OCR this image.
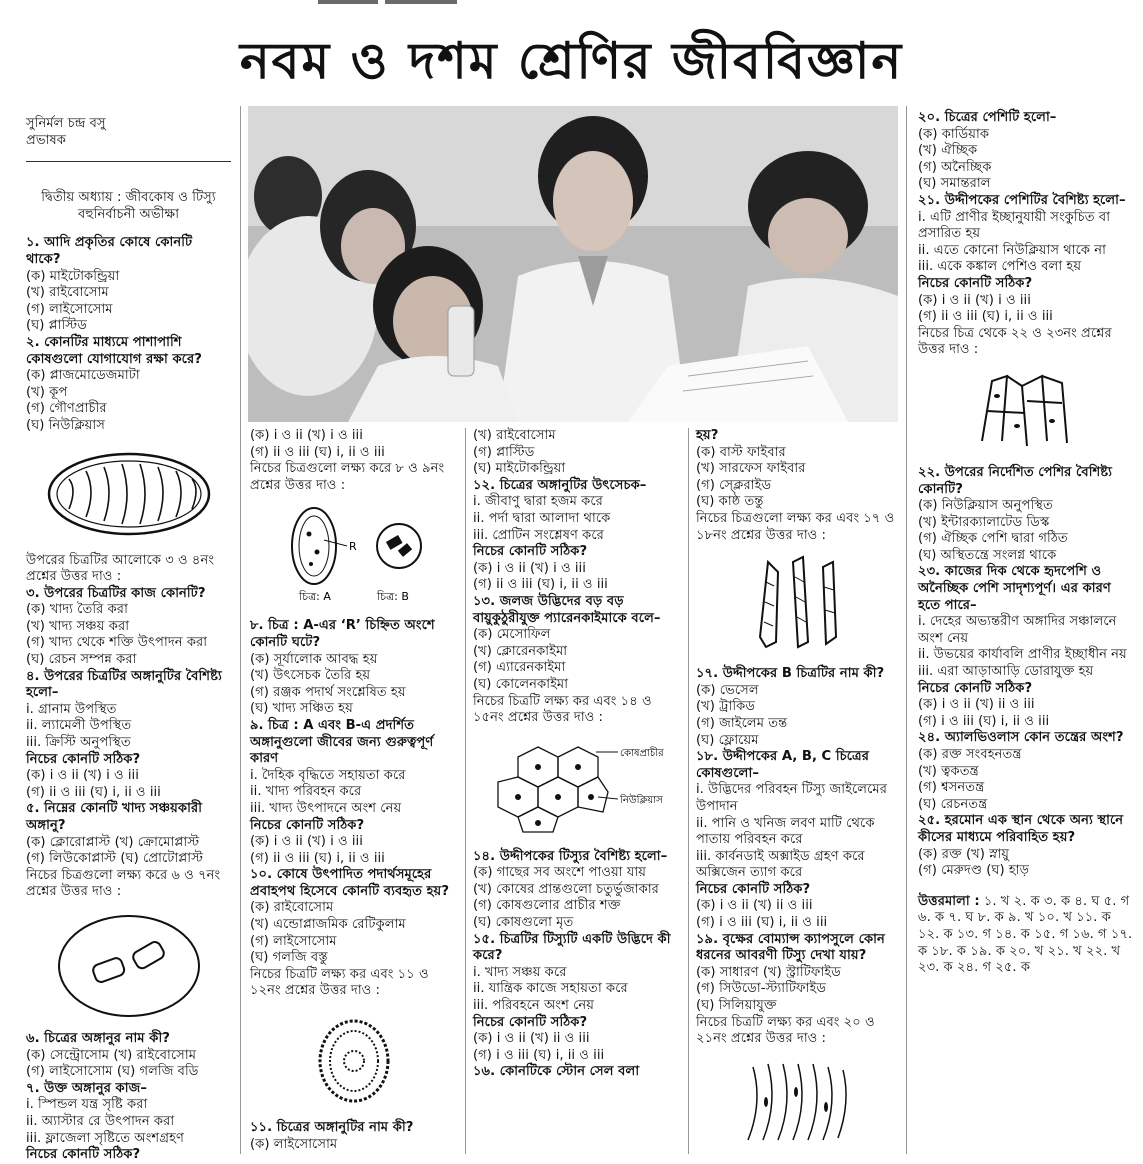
নবম ও দশম শ্রেণির জীববিজ্ঞান

সুনির্মল চন্দ্র বসু

প্রভাষক

দ্বিতীয় অধ্যায় : জীবকোষ ও টিস্যু

বহুনির্বাচনী অভীক্ষা

১. আদি প্রকৃতির কোষে কোনটি থাকে?

(ক) মাইটোকন্ড্রিয়া

(খ) রাইবোসোম

(গ) লাইসোসোম

(ঘ) প্লাস্টিড

২. কোনটির মাধ্যমে পাশাপাশি কোষগুলো যোগাযোগ রক্ষা করে?

(ক) প্লাজমোডেজমাটা

(খ) কূপ

(গ) গৌণপ্রাচীর

(ঘ) নিউক্লিয়াস

উপরের চিত্রটির আলোকে ৩ ও ৪নং প্রশ্নের উত্তর দাও :

৩. উপরের চিত্রটির কাজ কোনটি?

(ক) খাদ্য তৈরি করা

(খ) খাদ্য সঞ্চয় করা

(গ) খাদ্য থেকে শক্তি উৎপাদন করা

(ঘ) রেচন সম্পন্ন করা

৪. উপরের চিত্রটির অঙ্গানুটির বৈশিষ্ট্য হলো–

i. গ্রানাম উপস্থিত

ii. ল্যামেলী উপস্থিত

iii. ক্রিস্টি অনুপস্থিত

নিচের কোনটি সঠিক?

(ক) i ও ii (খ) i ও iii

(গ) ii ও iii (ঘ) i, ii ও iii

৫. নিম্নের কোনটি খাদ্য সঞ্চয়কারী অঙ্গানু?

(ক) ক্লোরোপ্লাস্ট (খ) ক্রোমোপ্লাস্ট

(গ) লিউকোপ্লাস্ট (ঘ) প্রোটোপ্লাস্ট

নিচের চিত্রগুলো লক্ষ্য করে ৬ ও ৭নং প্রশ্নের উত্তর দাও :

৬. চিত্রের অঙ্গানুর নাম কী?

(ক) সেন্ট্রোসোম (খ) রাইবোসোম

(গ) লাইসোসোম (ঘ) গলজি বডি

৭. উক্ত অঙ্গানুর কাজ–

i. স্পিন্ডল যন্ত্র সৃষ্টি করা

ii. অ্যাস্টার রে উৎপাদন করা

iii. ফ্লাজেলা সৃষ্টিতে অংশগ্রহণ

নিচের কোনটি সঠিক?

(ক) i ও ii (খ) i ও iii

(গ) ii ও iii (ঘ) i, ii ও iii

নিচের চিত্রগুলো লক্ষ্য করে ৮ ও ৯নং প্রশ্নের উত্তর দাও :

R
চিত্র: A	চিত্র: B

৮. চিত্র : A-এর ‘R’ চিহ্নিত অংশে কোনটি ঘটে?

(ক) সূর্যালোক আবদ্ধ হয়

(খ) উৎসেচক তৈরি হয়

(গ) রঞ্জক পদার্থ সংশ্লেষিত হয়

(ঘ) খাদ্য সঞ্চিত হয়

৯. চিত্র : A এবং B-এ প্রদর্শিত অঙ্গানুগুলো জীবের জন্য গুরুত্বপূর্ণ কারণ

i. দৈহিক বৃদ্ধিতে সহায়তা করে

ii. খাদ্য পরিবহন করে

iii. খাদ্য উৎপাদনে অংশ নেয়

নিচের কোনটি সঠিক?

(ক) i ও ii (খ) i ও iii

(গ) ii ও iii (ঘ) i, ii ও iii

১০. কোষে উৎপাদিত পদার্থসমূহের প্রবাহপথ হিসেবে কোনটি ব্যবহৃত হয়?

(ক) রাইবোসোম

(খ) এন্ডোপ্লাজমিক রেটিকুলাম

(গ) লাইসোসোম

(ঘ) গলজি বস্তু

নিচের চিত্রটি লক্ষ্য কর এবং ১১ ও ১২নং প্রশ্নের উত্তর দাও :

১১. চিত্রের অঙ্গানুটির নাম কী?

(ক) লাইসোসোম

(খ) রাইবোসোম

(গ) প্লাস্টিড

(ঘ) মাইটোকন্ড্রিয়া

১২. চিত্রের অঙ্গানুটির উৎসেচক–

i. জীবাণু দ্বারা হজম করে

ii. পর্দা দ্বারা আলাদা থাকে

iii. প্রোটিন সংশ্লেষণ করে

নিচের কোনটি সঠিক?

(ক) i ও ii (খ) i ও iii

(গ) ii ও iii (ঘ) i, ii ও iii

১৩. জলজ উদ্ভিদের বড় বড় বায়ুকুঠুরীযুক্ত প্যারেনকাইমাকে বলে–

(ক) মেসোফিল

(খ) ক্লোরেনকাইমা

(গ) এ্যারেনকাইমা

(ঘ) কোলেনকাইমা

নিচের চিত্রটি লক্ষ্য কর এবং ১৪ ও ১৫নং প্রশ্নের উত্তর দাও :

কোষপ্রাচীর
নিউক্লিয়াস

১৪. উদ্দীপকের টিস্যুর বৈশিষ্ট্য হলো–

(ক) গাছের সব অংশে পাওয়া যায়

(খ) কোষের প্রান্তগুলো চতুর্ভুজাকার

(গ) কোষগুলোর প্রাচীর শক্ত

(ঘ) কোষগুলো মৃত

১৫. চিত্রটির টিস্যুটি একটি উদ্ভিদে কী করে?

i. খাদ্য সঞ্চয় করে

ii. যান্ত্রিক কাজে সহায়তা করে

iii. পরিবহনে অংশ নেয়

নিচের কোনটি সঠিক?

(ক) i ও ii (খ) ii ও iii

(গ) i ও iii (ঘ) i, ii ও iii

১৬. কোনটিকে স্টোন সেল বলা

হয়?

(ক) বাস্ট ফাইবার

(খ) সারফেস ফাইবার

(গ) স্ক্লেরাইড

(ঘ) কাষ্ঠ তন্তু

নিচের চিত্রগুলো লক্ষ্য কর এবং ১৭ ও ১৮নং প্রশ্নের উত্তর দাও :

১৭. উদ্দীপকের B চিত্রটির নাম কী?

(ক) ভেসেল

(খ) ট্রাকিড

(গ) জাইলেম তন্ত

(ঘ) ফ্লোয়েম

১৮. উদ্দীপকের A, B, C চিত্রের কোষগুলো–

i. উদ্ভিদের পরিবহন টিস্যু জাইলেমের উপাদান

ii. পানি ও খনিজ লবণ মাটি থেকে পাতায় পরিবহন করে

iii. কার্বনডাই অক্সাইড গ্রহণ করে অক্সিজেন ত্যাগ করে

নিচের কোনটি সঠিক?

(ক) i ও ii (খ) ii ও iii

(গ) i ও iii (ঘ) i, ii ও iii

১৯. বৃক্ষের বোম্যান্স ক্যাপসুলে কোন ধরনের আবরণী টিস্যু দেখা যায়?

(ক) সাধারণ (খ) স্ট্রাটিফাইড

(গ) সিউডো-স্ট্যাটিফাইড

(ঘ) সিলিয়াযুক্ত

নিচের চিত্রটি লক্ষ্য কর এবং ২০ ও ২১নং প্রশ্নের উত্তর দাও :

২০. চিত্রের পেশিটি হলো–

(ক) কার্ডিয়াক

(খ) ঐচ্ছিক

(গ) অনৈচ্ছিক

(ঘ) সমান্তরাল

২১. উদ্দীপকের পেশিটির বৈশিষ্ট্য হলো–

i. এটি প্রাণীর ইচ্ছানুযায়ী সংকুচিত বা প্রসারিত হয়

ii. এতে কোনো নিউক্লিয়াস থাকে না

iii. একে কঙ্কাল পেশিও বলা হয়

নিচের কোনটি সঠিক?

(ক) i ও ii (খ) i ও iii

(গ) ii ও iii (ঘ) i, ii ও iii

নিচের চিত্র থেকে ২২ ও ২৩নং প্রশ্নের উত্তর দাও :

২২. উপরের নির্দেশিত পেশির বৈশিষ্ট্য কোনটি?

(ক) নিউক্লিয়াস অনুপস্থিত

(খ) ইন্টারক্যালাটেড ডিস্ক

(গ) ঐচ্ছিক পেশি দ্বারা গঠিত

(ঘ) অস্থিতন্ত্রে সংলগ্ন থাকে

২৩. কাজের দিক থেকে হৃদপেশি ও অনৈচ্ছিক পেশি সাদৃশ্যপূর্ণ। এর কারণ হতে পারে–

i. দেহের অভ্যন্তরীণ অঙ্গাদির সঞ্চালনে অংশ নেয়

ii. উভয়ের কার্যাবলি প্রাণীর ইচ্ছাধীন নয়

iii. এরা আড়াআড়ি ডোরাযুক্ত হয়

নিচের কোনটি সঠিক?

(ক) i ও ii (খ) ii ও iii

(গ) i ও iii (ঘ) i, ii ও iii

২৪. অ্যালভিওলাস কোন তন্ত্রের অংশ?

(ক) রক্ত সংবহনতন্ত্র

(খ) ত্বকতন্ত্র

(গ) শ্বসনতন্ত্র

(ঘ) রেচনতন্ত্র

২৫. হরমোন এক স্থান থেকে অন্য স্থানে কীসের মাধ্যমে পরিবাহিত হয়?

(ক) রক্ত (খ) স্নায়ু

(গ) মেরুদণ্ড (ঘ) হাড়

উত্তরমালা : ১. খ ২. ক ৩. ক ৪. ঘ ৫. গ ৬. ক ৭. ঘ ৮. ক ৯. খ ১০. খ ১১. ক ১২. ক ১৩. গ ১৪. ক ১৫. গ ১৬. গ ১৭. ক ১৮. ক ১৯. ক ২০. খ ২১. খ ২২. খ ২৩. ক ২৪. গ ২৫. ক
